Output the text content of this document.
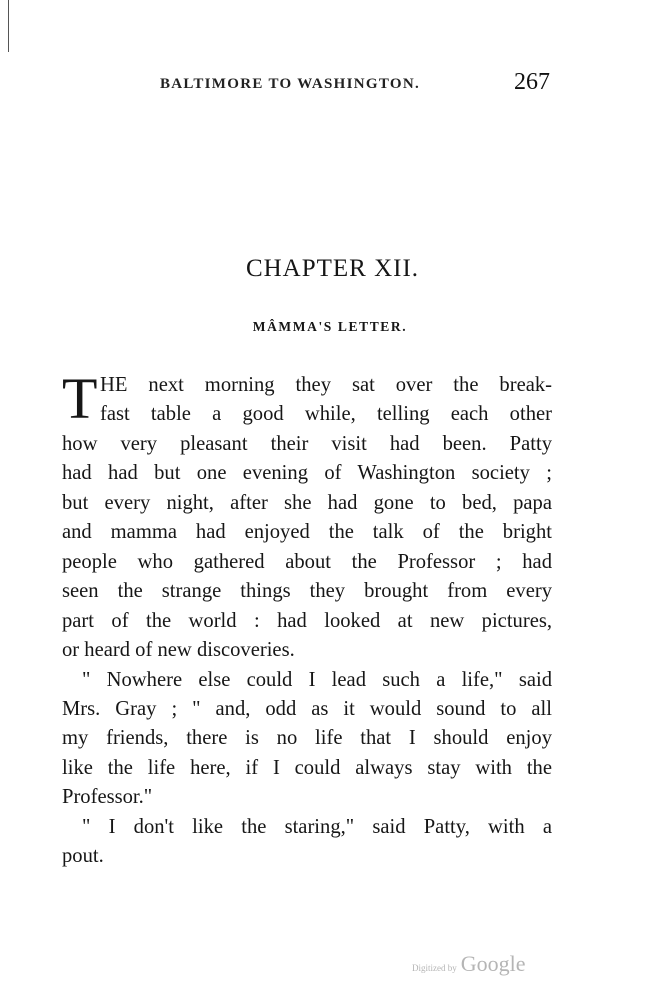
BALTIMORE TO WASHINGTON.	267
CHAPTER XII.
MÂMMA'S LETTER.
T HE next morning they sat over the break-
fast table a good while, telling each other
how very pleasant their visit had been. Patty
had had but one evening of Washington society ;
but every night, after she had gone to bed, papa
and mamma had enjoyed the talk of the bright
people who gathered about the Professor ; had
seen the strange things they brought from every
part of the world : had looked at new pictures,
or heard of new discoveries.
" Nowhere else could I lead such a life," said
Mrs. Gray ; " and, odd as it would sound to all
my friends, there is no life that I should enjoy
like the life here, if I could always stay with the
Professor."
" I don't like the staring," said Patty, with a
pout.
Digitized by Google
